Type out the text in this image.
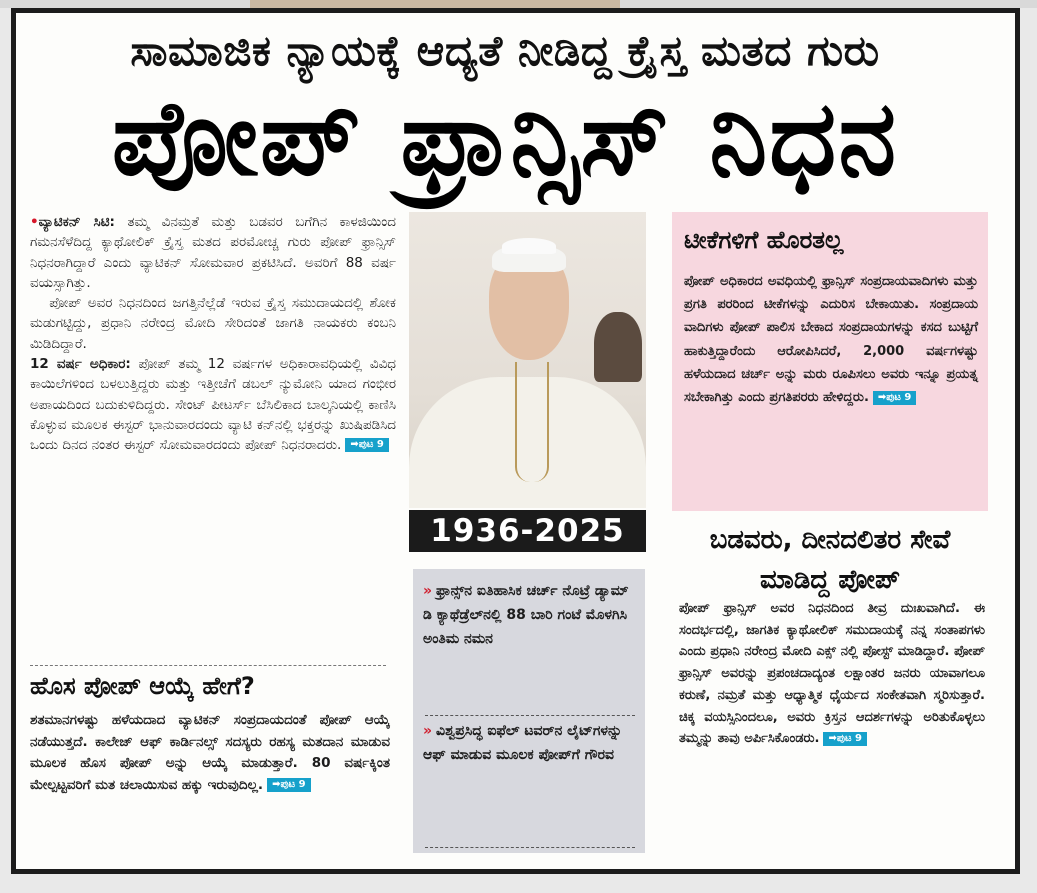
ಸಾಮಾಜಿಕ ನ್ಯಾಯಕ್ಕೆ ಆದ್ಯತೆ ನೀಡಿದ್ದ ಕ್ರೈಸ್ತ ಮತದ ಗುರು
ಪೋಪ್ ಫ್ರಾನ್ಸಿಸ್ ನಿಧನ

•ವ್ಯಾಟಿಕನ್ ಸಿಟಿ: ತಮ್ಮ ವಿನಮ್ರತೆ ಮತ್ತು ಬಡವರ ಬಗೆಗಿನ ಕಾಳಜಿಯಿಂದ ಗಮನಸೆಳೆದಿದ್ದ ಕ್ಯಾಥೋಲಿಕ್ ಕ್ರೈಸ್ತ ಮತದ ಪರಮೋಚ್ಚ ಗುರು ಪೋಪ್ ಫ್ರಾನ್ಸಿಸ್ ನಿಧನರಾಗಿದ್ದಾರೆ ಎಂದು ವ್ಯಾಟಿಕನ್ ಸೋಮವಾರ ಪ್ರಕಟಿಸಿದೆ. ಅವರಿಗೆ 88 ವರ್ಷ ವಯಸ್ಸಾಗಿತ್ತು.

ಪೋಪ್ ಅವರ ನಿಧನದಿಂದ ಜಗತ್ತಿನೆಲ್ಲೆಡೆ ಇರುವ ಕ್ರೈಸ್ತ ಸಮುದಾಯದಲ್ಲಿ ಶೋಕ ಮಡುಗಟ್ಟಿದ್ದು, ಪ್ರಧಾನಿ ನರೇಂದ್ರ ಮೋದಿ ಸೇರಿದಂತೆ ಜಾಗತಿ ನಾಯಕರು ಕಂಬನಿ ಮಿಡಿದಿದ್ದಾರೆ.

12 ವರ್ಷ ಅಧಿಕಾರ: ಪೋಪ್ ತಮ್ಮ 12 ವರ್ಷಗಳ ಅಧಿಕಾರಾವಧಿಯಲ್ಲಿ ವಿವಿಧ ಕಾಯಿಲೆಗಳಿಂದ ಬಳಲುತ್ತಿದ್ದರು ಮತ್ತು ಇತ್ತೀಚೆಗೆ ಡಬಲ್ ನ್ಯುಮೋನಿ ಯಾದ ಗಂಭೀರ ಅಪಾಯದಿಂದ ಬದುಕುಳಿದಿದ್ದರು. ಸೇಂಟ್ ಪೀಟರ್ಸ್ ಬೆಸಿಲಿಕಾದ ಬಾಲ್ಕನಿಯಲ್ಲಿ ಕಾಣಿಸಿ ಕೊಳ್ಳುವ ಮೂಲಕ ಈಸ್ಟರ್ ಭಾನುವಾರದಂದು ವ್ಯಾಟಿ ಕನ್‌ನಲ್ಲಿ ಭಕ್ತರನ್ನು ಖುಷಿಪಡಿಸಿದ ಒಂದು ದಿನದ ನಂತರ ಈಸ್ಟರ್ ಸೋಮವಾರದಂದು ಪೋಪ್ ನಿಧನರಾದರು. ➡ಪುಟ 9

ಹೊಸ ಪೋಪ್ ಆಯ್ಕೆ ಹೇಗೆ?

ಶತಮಾನಗಳಷ್ಟು ಹಳೆಯದಾದ ವ್ಯಾಟಿಕನ್ ಸಂಪ್ರದಾಯದಂತೆ ಪೋಪ್ ಆಯ್ಕೆ ನಡೆಯುತ್ತದೆ. ಕಾಲೇಜ್ ಆಫ್ ಕಾರ್ಡಿನಲ್ಸ್ ಸದಸ್ಯರು ರಹಸ್ಯ ಮತದಾನ ಮಾಡುವ ಮೂಲಕ ಹೊಸ ಪೋಪ್ ಅನ್ನು ಆಯ್ಕೆ ಮಾಡುತ್ತಾರೆ. 80 ವರ್ಷಕ್ಕಿಂತ ಮೇಲ್ಪಟ್ಟವರಿಗೆ ಮತ ಚಲಾಯಿಸುವ ಹಕ್ಕು ಇರುವುದಿಲ್ಲ. ➡ಪುಟ 9

1936-2025
» ಫ್ರಾನ್ಸ್‌ನ ಐತಿಹಾಸಿಕ ಚರ್ಚ್ ನೊಟ್ರೆ ಡ್ಯಾಮ್ ಡಿ ಕ್ಯಾಥೆಡ್ರೆಲ್‌ನಲ್ಲಿ 88 ಬಾರಿ ಗಂಟೆ ಮೊಳಗಿಸಿ ಅಂತಿಮ ನಮನ
» ವಿಶ್ವಪ್ರಸಿದ್ಧ ಐಫೆಲ್ ಟವರ್‌ನ ಲೈಟ್‌ಗಳನ್ನು ಆಫ್ ಮಾಡುವ ಮೂಲಕ ಪೋಪ್‌ಗೆ ಗೌರವ
ಟೀಕೆಗಳಿಗೆ ಹೊರತಲ್ಲ
ಪೋಪ್ ಅಧಿಕಾರದ ಅವಧಿಯಲ್ಲಿ ಫ್ರಾನ್ಸಿಸ್ ಸಂಪ್ರದಾಯವಾದಿಗಳು ಮತ್ತು ಪ್ರಗತಿ ಪರರಿಂದ ಟೀಕೆಗಳನ್ನು ಎದುರಿಸ ಬೇಕಾಯಿತು. ಸಂಪ್ರದಾಯ ವಾದಿಗಳು ಪೋಪ್ ಪಾಲಿಸ ಬೇಕಾದ ಸಂಪ್ರದಾಯಗಳನ್ನು ಕಸದ ಬುಟ್ಟಿಗೆ ಹಾಕುತ್ತಿದ್ದಾರೆಂದು ಆರೋಪಿಸಿದರೆ, 2,000 ವರ್ಷಗಳಷ್ಟು ಹಳೆಯದಾದ ಚರ್ಚ್ ಅನ್ನು ಮರು ರೂಪಿಸಲು ಅವರು ಇನ್ನೂ ಪ್ರಯತ್ನ ಸಬೇಕಾಗಿತ್ತು ಎಂದು ಪ್ರಗತಿಪರರು ಹೇಳಿದ್ದರು. ➡ಪುಟ 9
ಬಡವರು, ದೀನದಲಿತರ ಸೇವೆ ಮಾಡಿದ್ದ ಪೋಪ್

ಪೋಪ್ ಫ್ರಾನ್ಸಿಸ್ ಅವರ ನಿಧನದಿಂದ ತೀವ್ರ ದುಃಖವಾಗಿದೆ. ಈ ಸಂದರ್ಭದಲ್ಲಿ, ಜಾಗತಿಕ ಕ್ಯಾಥೋಲಿಕ್ ಸಮುದಾಯಕ್ಕೆ ನನ್ನ ಸಂತಾಪಗಳು ಎಂದು ಪ್ರಧಾನಿ ನರೇಂದ್ರ ಮೋದಿ ಎಕ್ಸ್ ನಲ್ಲಿ ಪೋಸ್ಟ್ ಮಾಡಿದ್ದಾರೆ. ಪೋಪ್ ಫ್ರಾನ್ಸಿಸ್ ಅವರನ್ನು ಪ್ರಪಂಚದಾದ್ಯಂತ ಲಕ್ಷಾಂತರ ಜನರು ಯಾವಾಗಲೂ ಕರುಣೆ, ನಮ್ರತೆ ಮತ್ತು ಆಧ್ಯಾತ್ಮಿಕ ಧೈರ್ಯದ ಸಂಕೇತವಾಗಿ ಸ್ಮರಿಸುತ್ತಾರೆ. ಚಿಕ್ಕ ವಯಸ್ಸಿನಿಂದಲೂ, ಅವರು ಕ್ರಿಸ್ತನ ಆದರ್ಶಗಳನ್ನು ಅರಿತುಕೊಳ್ಳಲು ತಮ್ಮನ್ನು ತಾವು ಅರ್ಪಿಸಿಕೊಂಡರು. ➡ಪುಟ 9
